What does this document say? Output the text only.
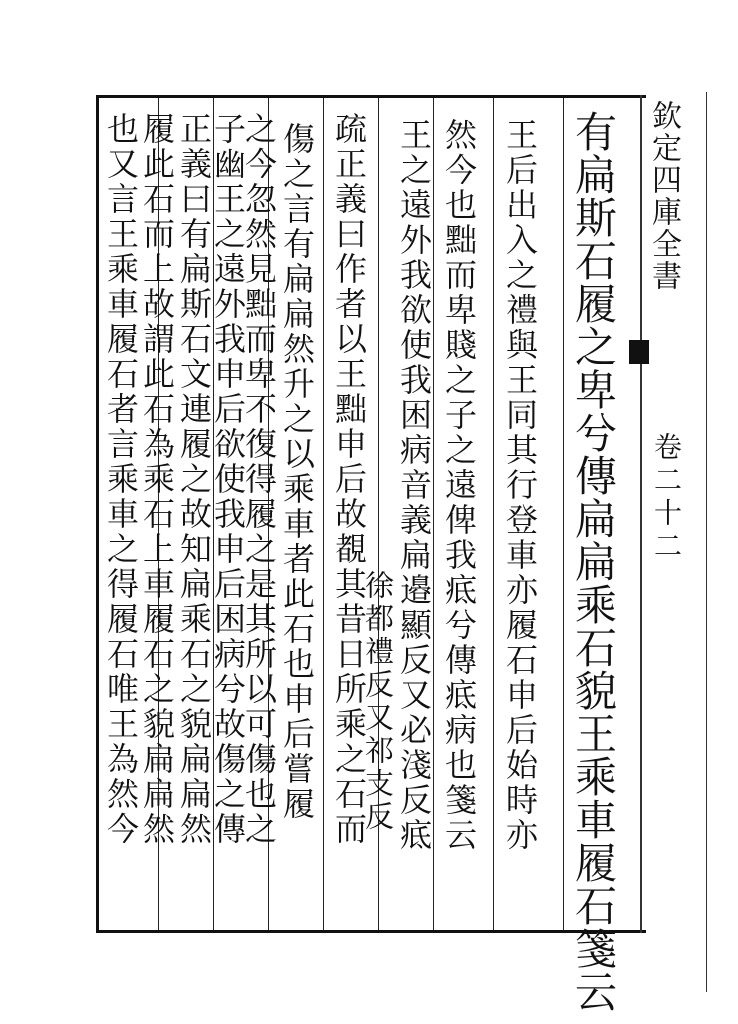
欽定四庫全書
卷二十二
有扁斯石履之卑兮傳扁扁乘石貌王乘車履石箋云
王后出入之禮與王同其行登車亦履石申后始時亦
然今也黜而卑賤之子之遠俾我疷兮傳疷病也箋云
王之遠外我欲使我困病音義扁邉顯反又必淺反疷
徐都禮反又祁支反
疏正義曰作者以王黜申后故覩其昔日所乘之石而
傷之言有扁扁然升之以乘車者此石也申后嘗履
之今忽然見黜而卑不復得履之是其所以可傷也之
子幽王之遠外我申后欲使我申后困病兮故傷之傳
正義曰有扁斯石文連履之故知扁乘石之貌扁扁然
履此石而上故謂此石為乘石上車履石之貌扁扁然
也又言王乘車履石者言乘車之得履石唯王為然今
